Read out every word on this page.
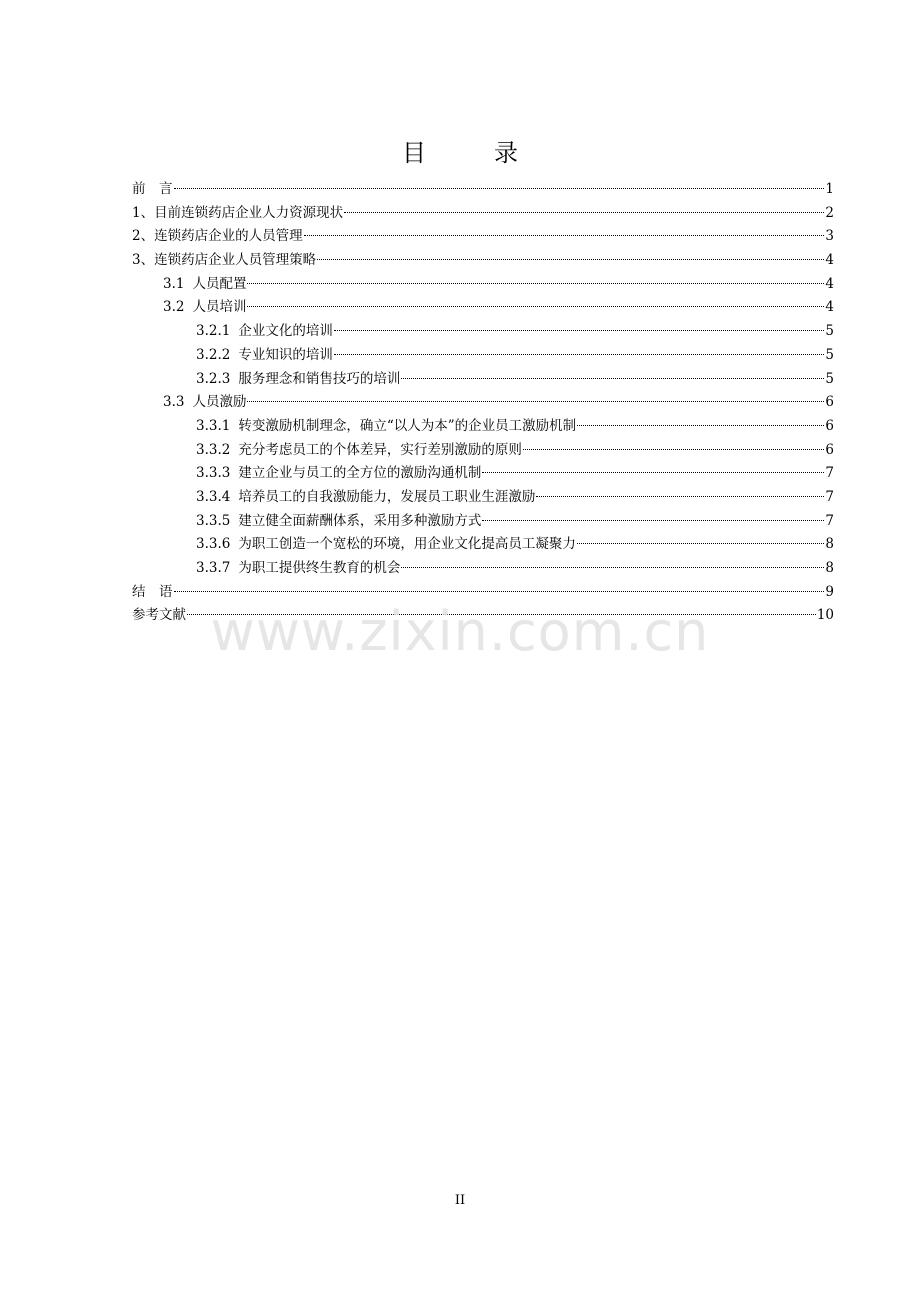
目　录
前　言	1
1、目前连锁药店企业人力资源现状	2
2、连锁药店企业的人员管理	3
3、连锁药店企业人员管理策略	4
3.1 人员配置	4
3.2 人员培训	4
3.2.1 企业文化的培训	5
3.2.2 专业知识的培训	5
3.2.3 服务理念和销售技巧的培训	5
3.3 人员激励	6
3.3.1 转变激励机制理念，确立“以人为本”的企业员工激励机制	6
3.3.2 充分考虑员工的个体差异，实行差别激励的原则	6
3.3.3 建立企业与员工的全方位的激励沟通机制	7
3.3.4 培养员工的自我激励能力，发展员工职业生涯激励	7
3.3.5 建立健全面薪酬体系，采用多种激励方式	7
3.3.6 为职工创造一个宽松的环境，用企业文化提高员工凝聚力	8
3.3.7 为职工提供终生教育的机会	8
结　语	9
参考文献	10
www.zixin.com.cn
II
